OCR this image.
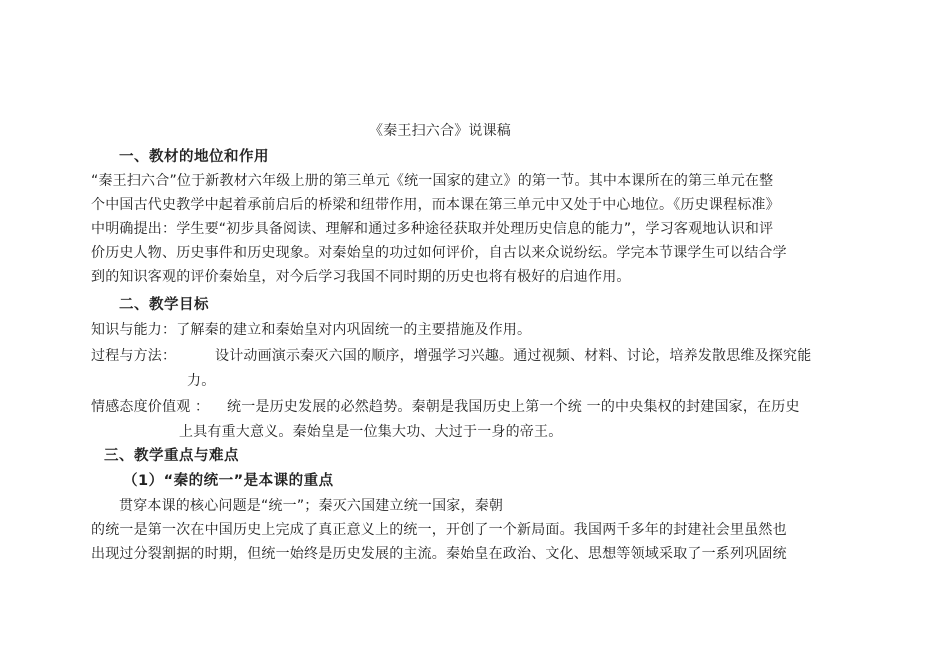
《秦王扫六合》说课稿
一、教材的地位和作用
“秦王扫六合”位于新教材六年级上册的第三单元《统一国家的建立》的第一节。其中本课所在的第三单元在整
个中国古代史教学中起着承前启后的桥梁和纽带作用，而本课在第三单元中又处于中心地位。《历史课程标准》
中明确提出：学生要“初步具备阅读、理解和通过多种途径获取并处理历史信息的能力”，学习客观地认识和评
价历史人物、历史事件和历史现象。对秦始皇的功过如何评价，自古以来众说纷纭。学完本节课学生可以结合学
到的知识客观的评价秦始皇，对今后学习我国不同时期的历史也将有极好的启迪作用。
二、教学目标
知识与能力：了解秦的建立和秦始皇对内巩固统一的主要措施及作用。
过程与方法：	设计动画演示秦灭六国的顺序，增强学习兴趣。通过视频、材料、讨论，培养发散思维及探究能
力。
情感态度价值观 ： 统一是历史发展的必然趋势。秦朝是我国历史上第一个统 一的中央集权的封建国家，在历史
上具有重大意义。秦始皇是一位集大功、大过于一身的帝王。
三、教学重点与难点
（1）“秦的统一”是本课的重点
贯穿本课的核心问题是“统一”；秦灭六国建立统一国家，秦朝
的统一是第一次在中国历史上完成了真正意义上的统一，开创了一个新局面。我国两千多年的封建社会里虽然也
出现过分裂割据的时期，但统一始终是历史发展的主流。秦始皇在政治、文化、思想等领域采取了一系列巩固统
